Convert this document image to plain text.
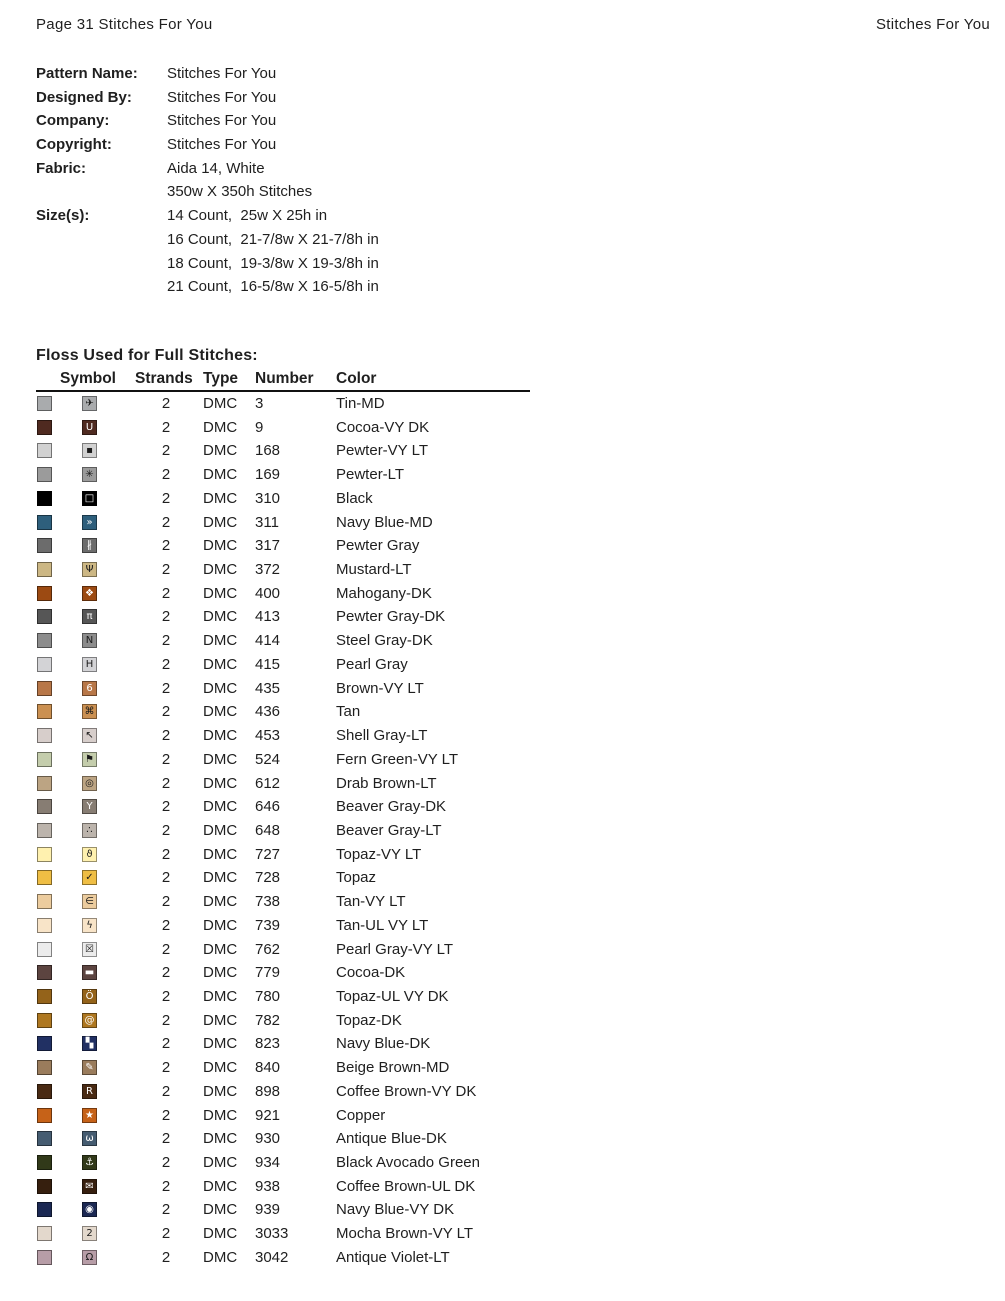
Page 31 Stitches For You	Stitches For You
Pattern Name: Stitches For You
Designed By: Stitches For You
Company:	Stitches For You
Copyright:	Stitches For You
Fabric:	Aida 14, White
350w X 350h Stitches
Size(s):	14 Count,  25w X 25h in
16 Count,  21-7/8w X 21-7/8h in
18 Count,  19-3/8w X 19-3/8h in
21 Count,  16-5/8w X 16-5/8h in
Floss Used for Full Stitches:
Symbol Strands Type Number Color
✈	2	DMC 3	Tin-MD
U	2	DMC 9	Cocoa-VY DK
▪	2	DMC 168	Pewter-VY LT
✳	2	DMC 169	Pewter-LT
□	2	DMC 310	Black
»	2	DMC 311	Navy Blue-MD
∦	2	DMC 317	Pewter Gray
Ψ	2	DMC 372	Mustard-LT
❖	2	DMC 400	Mahogany-DK
π	2	DMC 413	Pewter Gray-DK
N	2	DMC 414	Steel Gray-DK
H	2	DMC 415	Pearl Gray
6	2	DMC 435	Brown-VY LT
⌘	2	DMC 436	Tan
↖	2	DMC 453	Shell Gray-LT
⚑	2	DMC 524	Fern Green-VY LT
◎	2	DMC 612	Drab Brown-LT
Y	2	DMC 646	Beaver Gray-DK
∴	2	DMC 648	Beaver Gray-LT
ϑ	2	DMC 727	Topaz-VY LT
✓	2	DMC 728	Topaz
∈	2	DMC 738	Tan-VY LT
ϟ	2	DMC 739	Tan-UL VY LT
☒	2	DMC 762	Pearl Gray-VY LT
▬	2	DMC 779	Cocoa-DK
Ö	2	DMC 780	Topaz-UL VY DK
@	2	DMC 782	Topaz-DK
▚	2	DMC 823	Navy Blue-DK
✎	2	DMC 840	Beige Brown-MD
R	2	DMC 898	Coffee Brown-VY DK
★	2	DMC 921	Copper
ω	2	DMC 930	Antique Blue-DK
⚓	2	DMC 934	Black Avocado Green
✉	2	DMC 938	Coffee Brown-UL DK
◉	2	DMC 939	Navy Blue-VY DK
2	2	DMC 3033	Mocha Brown-VY LT
Ω	2	DMC 3042	Antique Violet-LT
